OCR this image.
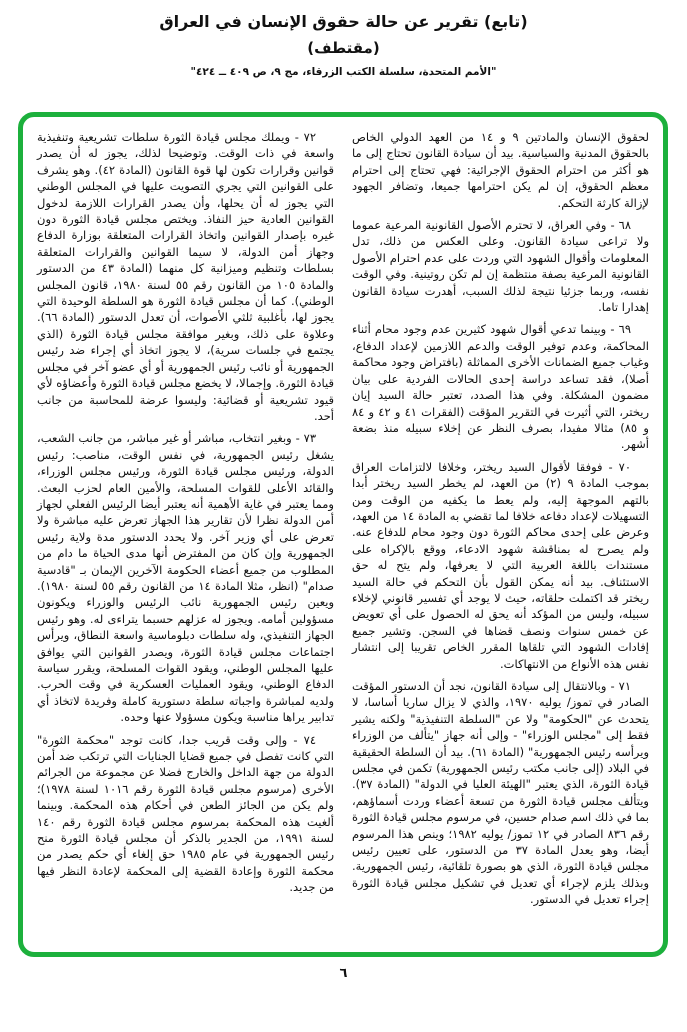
(تابع) تقرير عن حالة حقوق الإنسان في العراق
(مقتطف)
"الأمم المتحدة، سلسلة الكتب الزرقاء، مج ٩، ص ٤٠٩ ــ ٤٢٤"

لحقوق الإنسان والمادتين ٩ و ١٤ من العهد الدولي الخاص بالحقوق المدنية والسياسية. بيد أن سيادة القانون تحتاج إلى ما هو أكثر من احترام الحقوق الإجرائية: فهي تحتاج إلى احترام معظم الحقوق، إن لم يكن احترامها جميعا، وتضافر الجهود لإزالة كارثة التحكم.

٦٨ - وفي العراق، لا تحترم الأصول القانونية المرعية عموما ولا تراعى سيادة القانون. وعلى العكس من ذلك، تدل المعلومات وأقوال الشهود التي وردت على عدم احترام الأصول القانونية المرعية بصفة منتظمة إن لم تكن روتينية. وفي الوقت نفسه، وربما جزئيا نتيجة لذلك السبب، أهدرت سيادة القانون إهدارا تاما.

٦٩ - وبينما تدعي أقوال شهود كثيرين عدم وجود محام أثناء المحاكمة، وعدم توفير الوقت والدعم اللازمين لإعداد الدفاع، وغياب جميع الضمانات الأخرى المماثلة (بافتراض وجود محاكمة أصلا)، فقد تساعد دراسة إحدى الحالات الفردية على بيان مضمون المشكلة. وفي هذا الصدد، تعتبر حالة السيد إيان ريختر، التي أثيرت في التقرير المؤقت (الفقرات ٤١ و ٤٢ و ٨٤ و ٨٥) مثالا مفيدا، بصرف النظر عن إخلاء سبيله منذ بضعة أشهر.

٧٠ - فوفقا لأقوال السيد ريختر، وخلافا لالتزامات العراق بموجب المادة ٩ (٢) من العهد، لم يخطر السيد ريختر أبدا بالتهم الموجهة إليه، ولم يعط ما يكفيه من الوقت ومن التسهيلات لإعداد دفاعه خلافا لما تقضي به المادة ١٤ من العهد، وعرض على إحدى محاكم الثورة دون وجود محام للدفاع عنه. ولم يصرح له بمناقشة شهود الادعاء، ووقع بالإكراه على مستندات باللغة العربية التي لا يعرفها، ولم يتح له حق الاستئناف. بيد أنه يمكن القول بأن التحكم في حالة السيد ريختر قد اكتملت حلقاته، حيث لا يوجد أي تفسير قانوني لإخلاء سبيله، وليس من المؤكد أنه يحق له الحصول على أي تعويض عن خمس سنوات ونصف قضاها في السجن. وتشير جميع إفادات الشهود التي تلقاها المقرر الخاص تقريبا إلى انتشار نفس هذه الأنواع من الانتهاكات.

٧١ - وبالانتقال إلى سيادة القانون، نجد أن الدستور المؤقت الصادر في تموز/ يوليه ١٩٧٠، والذي لا يزال ساريا أساسا، لا يتحدث عن "الحكومة" ولا عن "السلطة التنفيذية" ولكنه يشير فقط إلى "مجلس الوزراء" - وإلى أنه جهاز "يتألف من الوزراء ويرأسه رئيس الجمهورية" (المادة ٦١). بيد أن السلطة الحقيقية في البلاد (إلى جانب مكتب رئيس الجمهورية) تكمن في مجلس قيادة الثورة، الذي يعتبر "الهيئة العليا في الدولة" (المادة ٣٧). ويتألف مجلس قيادة الثورة من تسعة أعضاء وردت أسماؤهم، بما في ذلك اسم صدام حسين، في مرسوم مجلس قيادة الثورة رقم ٨٣٦ الصادر في ١٢ تموز/ يوليه ١٩٨٢؛ وينص هذا المرسوم أيضا، وهو يعدل المادة ٣٧ من الدستور، على تعيين رئيس مجلس قيادة الثورة، الذي هو بصورة تلقائية، رئيس الجمهورية. وبذلك يلزم لإجراء أي تعديل في تشكيل مجلس قيادة الثورة إجراء تعديل في الدستور.

٧٢ - ويملك مجلس قيادة الثورة سلطات تشريعية وتنفيذية واسعة في ذات الوقت. وتوضيحا لذلك، يجوز له أن يصدر قوانين وقرارات تكون لها قوة القانون (المادة ٤٢). وهو يشرف على القوانين التي يجري التصويت عليها في المجلس الوطني التي يجوز له أن يحلها، وأن يصدر القرارات اللازمة لدخول القوانين العادية حيز النفاذ. ويختص مجلس قيادة الثورة دون غيره بإصدار القوانين واتخاذ القرارات المتعلقة بوزارة الدفاع وجهاز أمن الدولة، لا سيما القوانين والقرارات المتعلقة بسلطات وتنظيم وميزانية كل منهما (المادة ٤٣ من الدستور والمادة ١٠٥ من القانون رقم ٥٥ لسنة ١٩٨٠، قانون المجلس الوطني). كما أن مجلس قيادة الثورة هو السلطة الوحيدة التي يجوز لها، بأغلبية ثلثي الأصوات، أن تعدل الدستور (المادة ٦٦). وعلاوة على ذلك، وبغير موافقة مجلس قيادة الثورة (الذي يجتمع في جلسات سرية)، لا يجوز اتخاذ أي إجراء ضد رئيس الجمهورية أو نائب رئيس الجمهورية أو أي عضو آخر في مجلس قيادة الثورة. وإجمالا، لا يخضع مجلس قيادة الثورة وأعضاؤه لأي قيود تشريعية أو قضائية: وليسوا عرضة للمحاسبة من جانب أحد.

٧٣ - وبغير انتخاب، مباشر أو غير مباشر، من جانب الشعب، يشغل رئيس الجمهورية، في نفس الوقت، مناصب: رئيس الدولة، ورئيس مجلس قيادة الثورة، ورئيس مجلس الوزراء، والقائد الأعلى للقوات المسلحة، والأمين العام لحزب البعث. ومما يعتبر في غاية الأهمية أنه يعتبر أيضا الرئيس الفعلي لجهاز أمن الدولة نظرا لأن تقارير هذا الجهاز تعرض عليه مباشرة ولا تعرض على أي وزير آخر. ولا يحدد الدستور مدة ولاية رئيس الجمهورية وإن كان من المفترض أنها مدى الحياة ما دام من المطلوب من جميع أعضاء الحكومة الآخرين الإيمان بـ "قادسية صدام" (انظر، مثلا المادة ١٤ من القانون رقم ٥٥ لسنة ١٩٨٠). ويعين رئيس الجمهورية نائب الرئيس والوزراء ويكونون مسؤولين أمامه. ويجوز له عزلهم حسبما يتراءى له. وهو رئيس الجهاز التنفيذي، وله سلطات دبلوماسية واسعة النطاق، ويرأس اجتماعات مجلس قيادة الثورة، ويصدر القوانين التي يوافق عليها المجلس الوطني، ويقود القوات المسلحة، ويقرر سياسة الدفاع الوطني، ويقود العمليات العسكرية في وقت الحرب. ولديه لمباشرة واجباته سلطة دستورية كاملة وفريدة لاتخاذ أي تدابير يراها مناسبة ويكون مسؤولا عنها وحده.

٧٤ - وإلى وقت قريب جدا، كانت توجد "محكمة الثورة" التي كانت تفصل في جميع قضايا الجنايات التي ترتكب ضد أمن الدولة من جهة الداخل والخارج فضلا عن مجموعة من الجرائم الأخرى (مرسوم مجلس قيادة الثورة رقم ١٠١٦ لسنة ١٩٧٨)؛ ولم يكن من الجائز الطعن في أحكام هذه المحكمة. وبينما ألغيت هذه المحكمة بمرسوم مجلس قيادة الثورة رقم ١٤٠ لسنة ١٩٩١، من الجدير بالذكر أن مجلس قيادة الثورة منح رئيس الجمهورية في عام ١٩٨٥ حق إلغاء أي حكم يصدر من محكمة الثورة وإعادة القضية إلى المحكمة لإعادة النظر فيها من جديد.

٦
